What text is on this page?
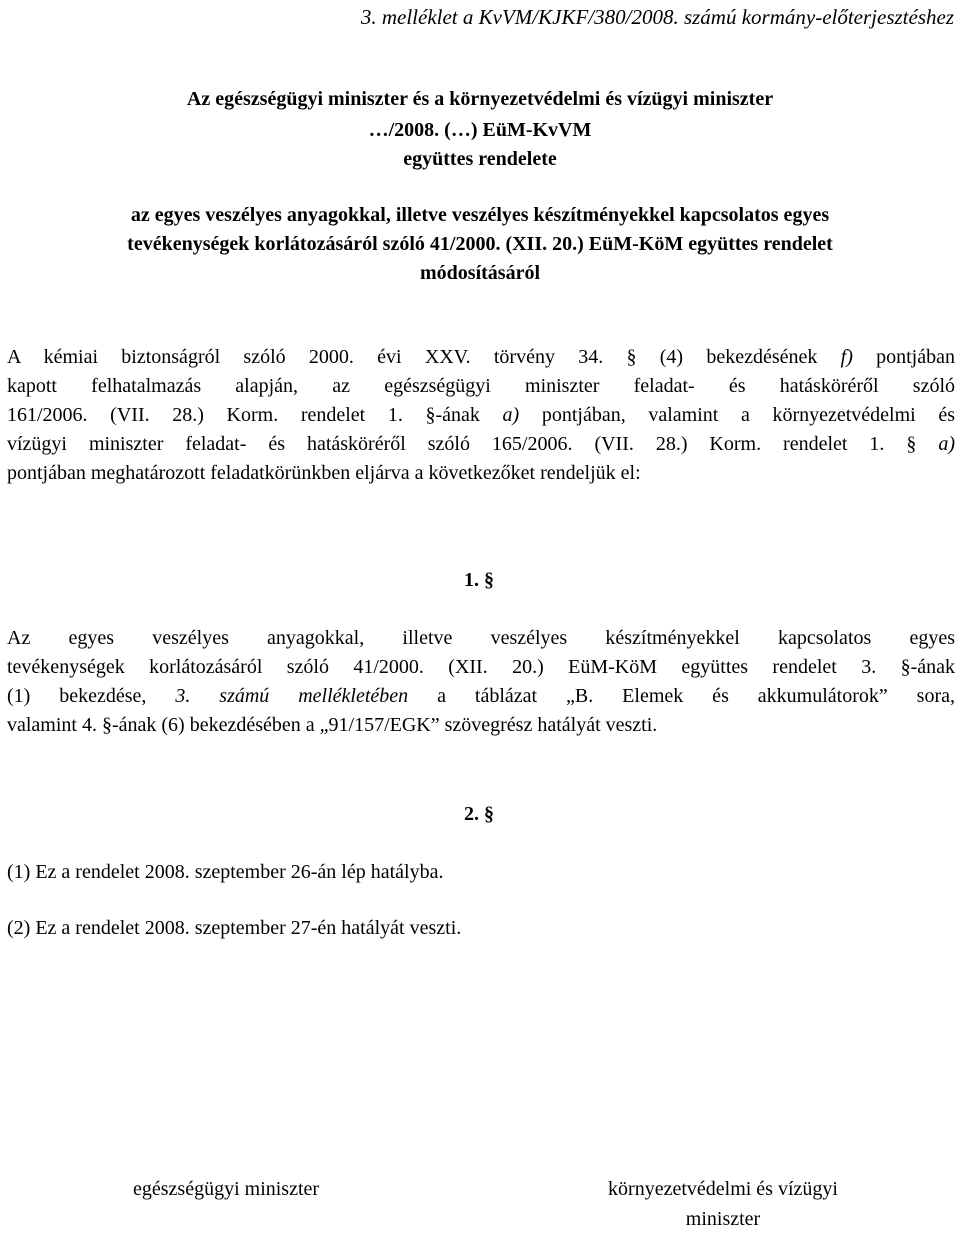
3. melléklet a KvVM/KJKF/380/2008. számú kormány-előterjesztéshez
Az egészségügyi miniszter és a környezetvédelmi és vízügyi miniszter
…/2008. (…) EüM-KvVM
együttes rendelete
az egyes veszélyes anyagokkal, illetve veszélyes készítményekkel kapcsolatos egyes
tevékenységek korlátozásáról szóló 41/2000. (XII. 20.) EüM-KöM együttes rendelet
módosításáról
A kémiai biztonságról szóló 2000. évi XXV. törvény 34. § (4) bekezdésének f) pontjában
kapott felhatalmazás alapján, az egészségügyi miniszter feladat- és hatásköréről szóló
161/2006. (VII. 28.) Korm. rendelet 1. §-ának a) pontjában, valamint a környezetvédelmi és
vízügyi miniszter feladat- és hatásköréről szóló 165/2006. (VII. 28.) Korm. rendelet 1. § a)
pontjában meghatározott feladatkörünkben eljárva a következőket rendeljük el:
1. §
Az egyes veszélyes anyagokkal, illetve veszélyes készítményekkel kapcsolatos egyes
tevékenységek korlátozásáról szóló 41/2000. (XII. 20.) EüM-KöM együttes rendelet 3. §-ának
(1) bekezdése, 3. számú mellékletében a táblázat „B. Elemek és akkumulátorok” sora,
valamint 4. §-ának (6) bekezdésében a „91/157/EGK” szövegrész hatályát veszti.
2. §
(1) Ez a rendelet 2008. szeptember 26-án lép hatályba.
(2) Ez a rendelet 2008. szeptember 27-én hatályát veszti.
egészségügyi miniszter	környezetvédelmi és vízügyi
miniszter
